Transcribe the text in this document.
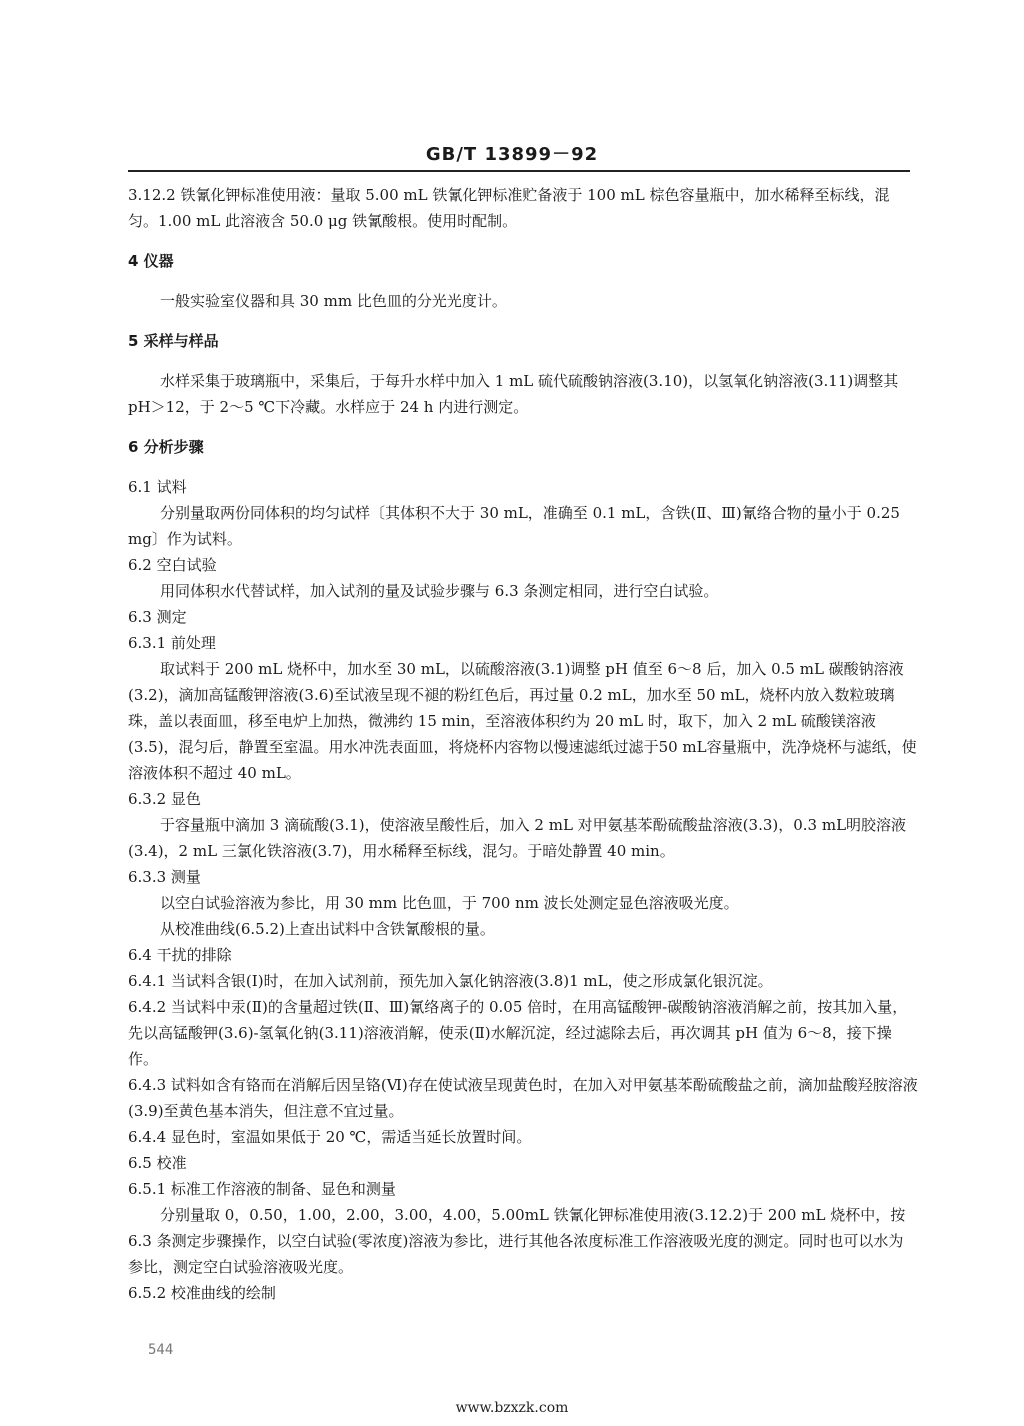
GB/T 13899－92

3.12.2 铁氰化钾标准使用液：量取 5.00 mL 铁氰化钾标准贮备液于 100 mL 棕色容量瓶中，加水稀释至标线，混匀。1.00 mL 此溶液含 50.0 μg 铁氰酸根。使用时配制。

4 仪器

一般实验室仪器和具 30 mm 比色皿的分光光度计。

5 采样与样品

水样采集于玻璃瓶中，采集后，于每升水样中加入 1 mL 硫代硫酸钠溶液(3.10)，以氢氧化钠溶液(3.11)调整其 pH＞12，于 2～5 ℃下冷藏。水样应于 24 h 内进行测定。

6 分析步骤

6.1 试料

分别量取两份同体积的均匀试样〔其体积不大于 30 mL，准确至 0.1 mL，含铁(Ⅱ、Ⅲ)氰络合物的量小于 0.25 mg〕作为试料。

6.2 空白试验

用同体积水代替试样，加入试剂的量及试验步骤与 6.3 条测定相同，进行空白试验。

6.3 测定

6.3.1 前处理

取试料于 200 mL 烧杯中，加水至 30 mL，以硫酸溶液(3.1)调整 pH 值至 6～8 后，加入 0.5 mL 碳酸钠溶液(3.2)，滴加高锰酸钾溶液(3.6)至试液呈现不褪的粉红色后，再过量 0.2 mL，加水至 50 mL，烧杯内放入数粒玻璃珠，盖以表面皿，移至电炉上加热，微沸约 15 min，至溶液体积约为 20 mL 时，取下，加入 2 mL 硫酸镁溶液(3.5)，混匀后，静置至室温。用水冲洗表面皿，将烧杯内容物以慢速滤纸过滤于50 mL容量瓶中，洗净烧杯与滤纸，使溶液体积不超过 40 mL。

6.3.2 显色

于容量瓶中滴加 3 滴硫酸(3.1)，使溶液呈酸性后，加入 2 mL 对甲氨基苯酚硫酸盐溶液(3.3)，0.3 mL明胶溶液(3.4)，2 mL 三氯化铁溶液(3.7)，用水稀释至标线，混匀。于暗处静置 40 min。

6.3.3 测量

以空白试验溶液为参比，用 30 mm 比色皿，于 700 nm 波长处测定显色溶液吸光度。

从校准曲线(6.5.2)上查出试料中含铁氰酸根的量。

6.4 干扰的排除

6.4.1 当试料含银(Ⅰ)时，在加入试剂前，预先加入氯化钠溶液(3.8)1 mL，使之形成氯化银沉淀。

6.4.2 当试料中汞(Ⅱ)的含量超过铁(Ⅱ、Ⅲ)氰络离子的 0.05 倍时，在用高锰酸钾-碳酸钠溶液消解之前，按其加入量，先以高锰酸钾(3.6)-氢氧化钠(3.11)溶液消解，使汞(Ⅱ)水解沉淀，经过滤除去后，再次调其 pH 值为 6～8，接下操作。

6.4.3 试料如含有铬而在消解后因呈铬(Ⅵ)存在使试液呈现黄色时，在加入对甲氨基苯酚硫酸盐之前，滴加盐酸羟胺溶液(3.9)至黄色基本消失，但注意不宜过量。

6.4.4 显色时，室温如果低于 20 ℃，需适当延长放置时间。

6.5 校准

6.5.1 标准工作溶液的制备、显色和测量

分别量取 0，0.50，1.00，2.00，3.00，4.00，5.00mL 铁氰化钾标准使用液(3.12.2)于 200 mL 烧杯中，按 6.3 条测定步骤操作，以空白试验(零浓度)溶液为参比，进行其他各浓度标准工作溶液吸光度的测定。同时也可以水为参比，测定空白试验溶液吸光度。

6.5.2 校准曲线的绘制

544
www.bzxzk.com
